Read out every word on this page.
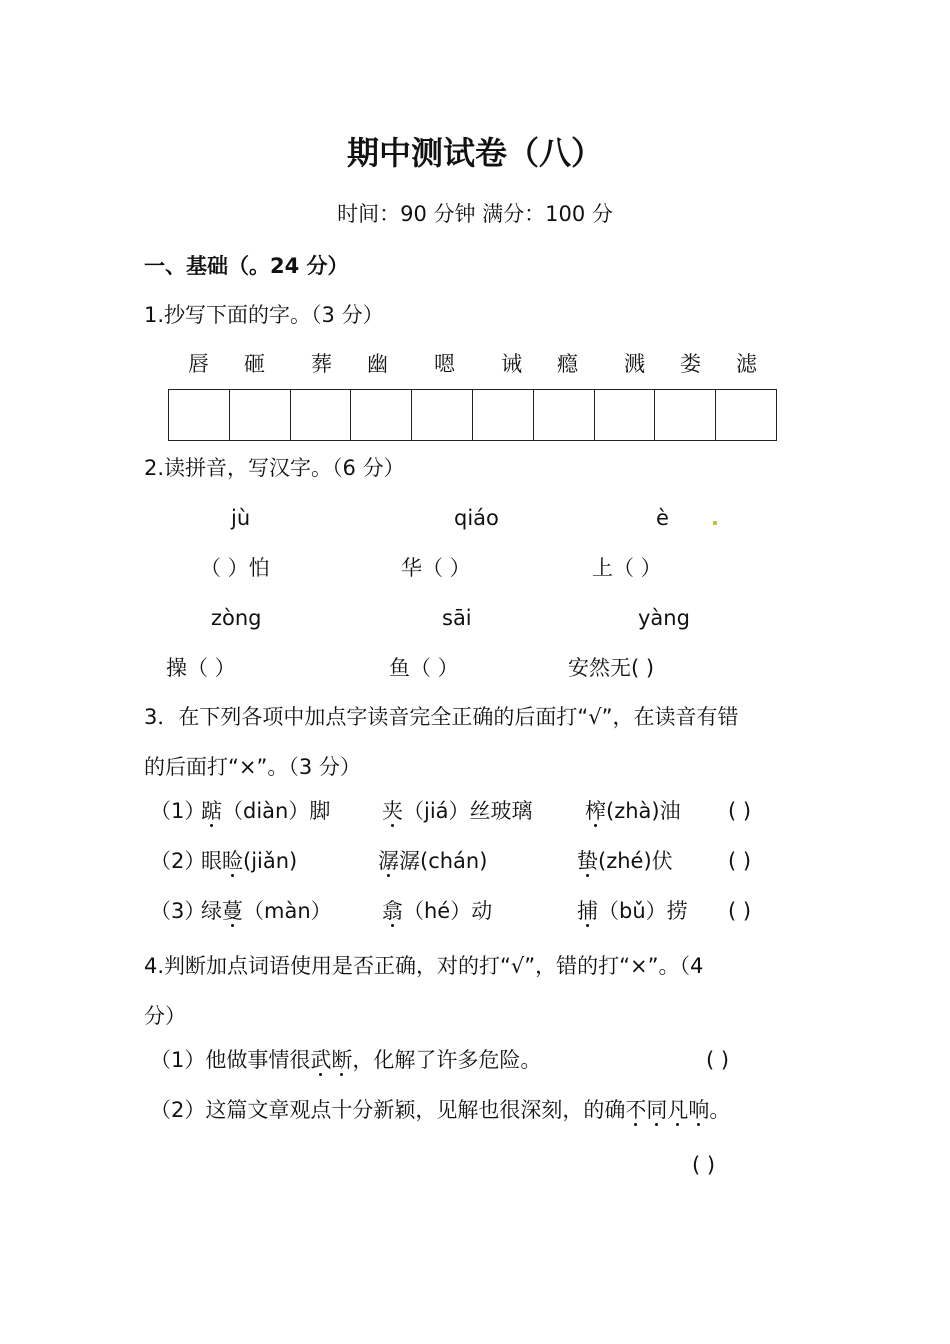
期中测试卷（八）
时间：90 分钟 满分：100 分
一、基础（。24 分）
1.抄写下面的字。（3 分）
唇 砸 葬 幽 嗯 诫 瘾 溅 娄 滤
2.读拼音，写汉字。（6 分）
jù	qiáo	è
（ ）怕	华（ ）	上（ ）
zòng	sāi	yàng
操（ ）	鱼（ ）	安然无( )
3．在下列各项中加点字读音完全正确的后面打“√”，在读音有错
的后面打“×”。（3 分）
（1）
踮（diàn）脚 夹（jiá）丝玻璃 榨(zhà)油 ( )
（2）
眼睑(jiǎn)	潺潺(chán)	蛰(zhé)伏	( )
（3）
绿蔓（màn） 翕（hé）动	捕（bǔ）捞 ( )
4.判断加点词语使用是否正确，对的打“√”，错的打“×”。（4
分）
（1）他做事情很武断，化解了许多危险。	( )
（2）这篇文章观点十分新颖，见解也很深刻，的确不同凡响。
( )
